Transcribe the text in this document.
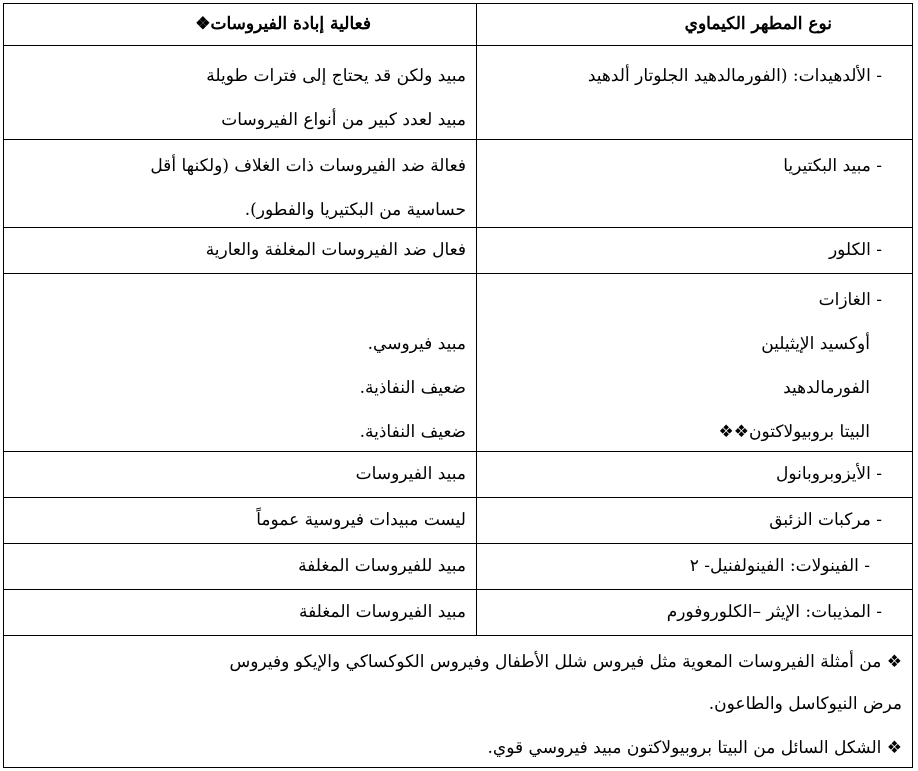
نوع المطهر الكيماوي
فعالية إبادة الفيروسات❖
- الألدهيدات: (الفورمالدهيد الجلوتار ألدهيد
مبيد ولكن قد يحتاج إلى فترات طويلة
مبيد لعدد كبير من أنواع الفيروسات
- مبيد البكتيريا
فعالة ضد الفيروسات ذات الغلاف (ولكنها أقل
حساسية من البكتيريا والفطور).
- الكلور
فعال ضد الفيروسات المغلفة والعارية
- الغازات
أوكسيد الإيثيلين
الفورمالدهيد
البيتا بروبيولاكتون❖❖
مبيد فيروسي.
ضعيف النفاذية.
ضعيف النفاذية.
- الأيزوبروبانول
مبيد الفيروسات
- مركبات الزئبق
ليست مبيدات فيروسية عموماً
- الفينولات: الفينولفنيل- ٢
مبيد للفيروسات المغلفة
- المذيبات: الإيثر –الكلوروفورم
مبيد الفيروسات المغلفة
❖ من أمثلة الفيروسات المعوية مثل فيروس شلل الأطفال وفيروس الكوكساكي والإيكو وفيروس
مرض النيوكاسل والطاعون.
❖ الشكل السائل من البيتا بروبيولاكتون مبيد فيروسي قوي.
